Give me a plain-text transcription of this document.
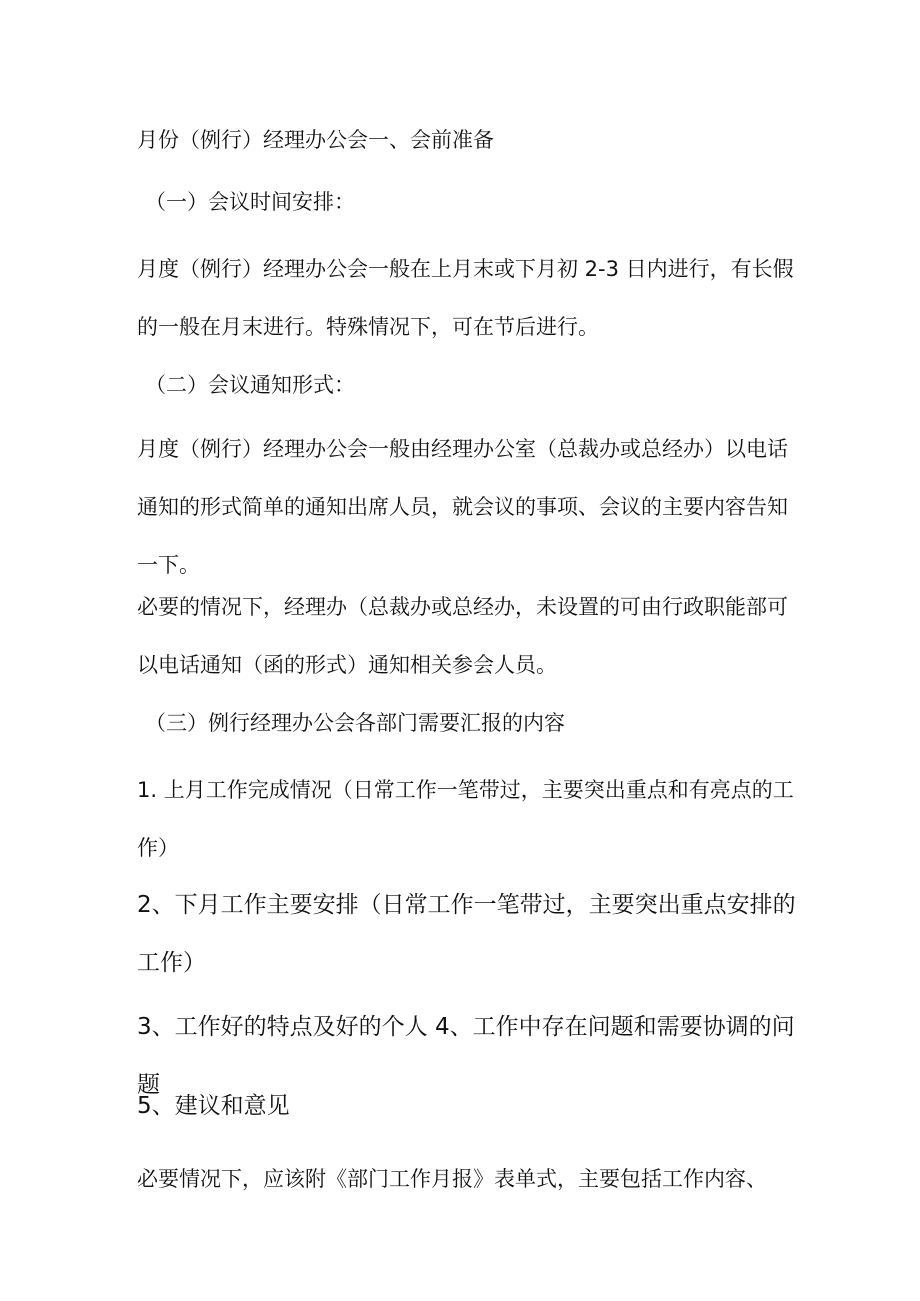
月份（例行）经理办公会一、会前准备

（一）会议时间安排：

月度（例行）经理办公会一般在上月末或下月初 2-3 日内进行，有长假的一般在月末进行。特殊情况下，可在节后进行。

（二）会议通知形式：

月度（例行）经理办公会一般由经理办公室（总裁办或总经办）以电话通知的形式简单的通知出席人员，就会议的事项、会议的主要内容告知一下。

必要的情况下，经理办（总裁办或总经办，未设置的可由行政职能部可以电话通知（函的形式）通知相关参会人员。

（三）例行经理办公会各部门需要汇报的内容

1. 上月工作完成情况（日常工作一笔带过，主要突出重点和有亮点的工作）

2、下月工作主要安排（日常工作一笔带过，主要突出重点安排的工作）

3、工作好的特点及好的个人 4、工作中存在问题和需要协调的问题

5、建议和意见

必要情况下，应该附《部门工作月报》表单式，主要包括工作内容、
